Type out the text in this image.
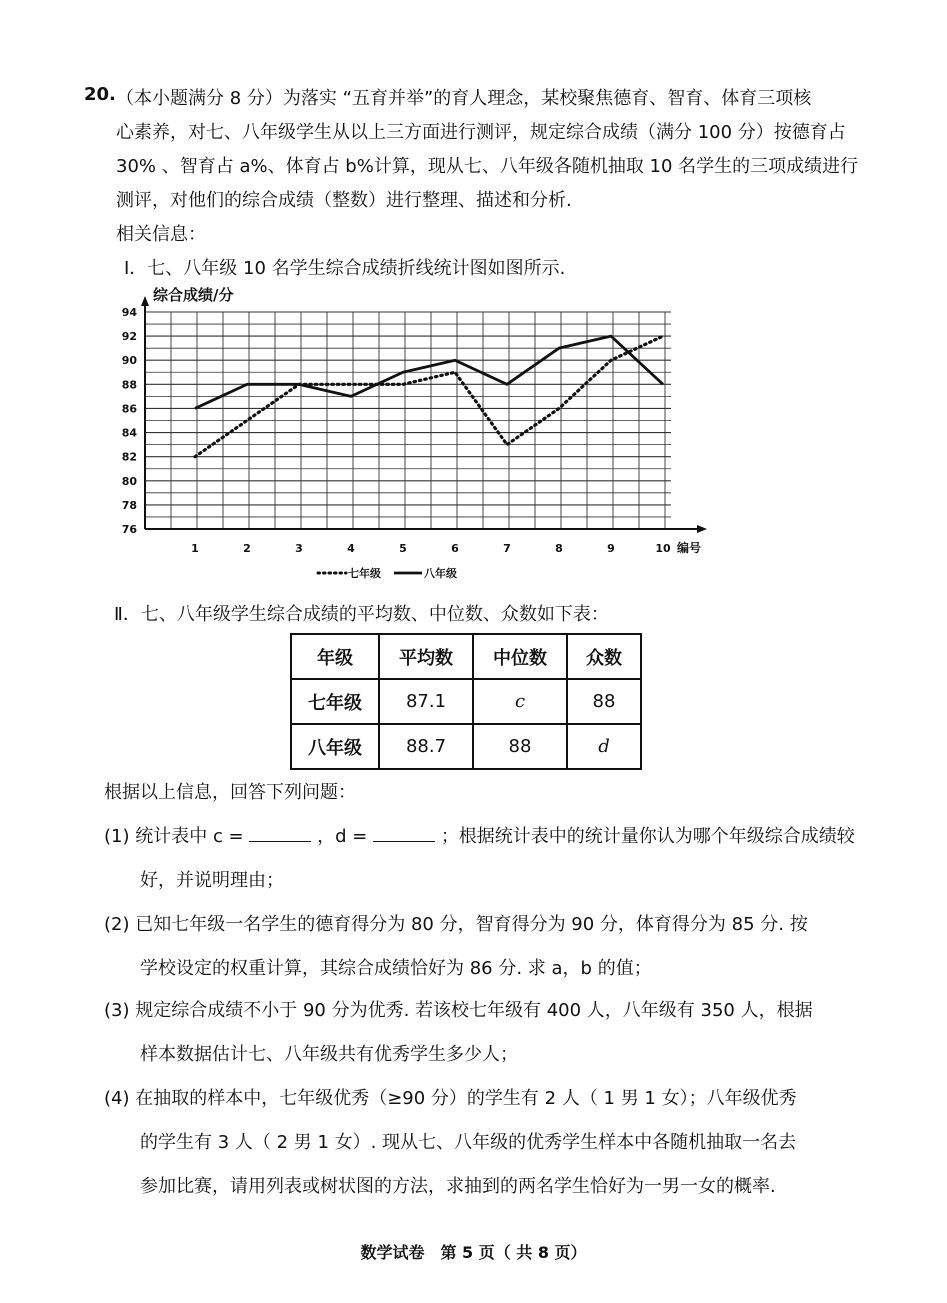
20. （本小题满分 8 分）为落实 “五育并举”的育人理念，某校聚焦德育、智育、体育三项核
心素养，对七、八年级学生从以上三方面进行测评，规定综合成绩（满分 100 分）按德育占
30% 、智育占 a%、体育占 b%计算，现从七、八年级各随机抽取 10 名学生的三项成绩进行
测评，对他们的综合成绩（整数）进行整理、描述和分析.
相关信息：
Ⅰ．七、八年级 10 名学生综合成绩折线统计图如图所示.
76
78
80
82
84
86
88
90
92
94
1	2	3	4	5	6	7	8	9	10
综合成绩/分
编号
七年级	八年级
Ⅱ．七、八年级学生综合成绩的平均数、中位数、众数如下表：
年级	平均数	中位数	众数
七年级	87.1	c	88
八年级	88.7	88	d
根据以上信息，回答下列问题：
(1) 统计表中 c =	，d =	；根据统计表中的统计量你认为哪个年级综合成绩较
好，并说明理由；
(2) 已知七年级一名学生的德育得分为 80 分，智育得分为 90 分，体育得分为 85 分. 按
学校设定的权重计算，其综合成绩恰好为 86 分. 求 a，b 的值；
(3) 规定综合成绩不小于 90 分为优秀. 若该校七年级有 400 人，八年级有 350 人，根据
样本数据估计七、八年级共有优秀学生多少人；
(4) 在抽取的样本中，七年级优秀（≥90 分）的学生有 2 人（ 1 男 1 女）；八年级优秀
的学生有 3 人（ 2 男 1 女）. 现从七、八年级的优秀学生样本中各随机抽取一名去
参加比赛，请用列表或树状图的方法，求抽到的两名学生恰好为一男一女的概率.
数学试卷　第 5 页（ 共 8 页）
